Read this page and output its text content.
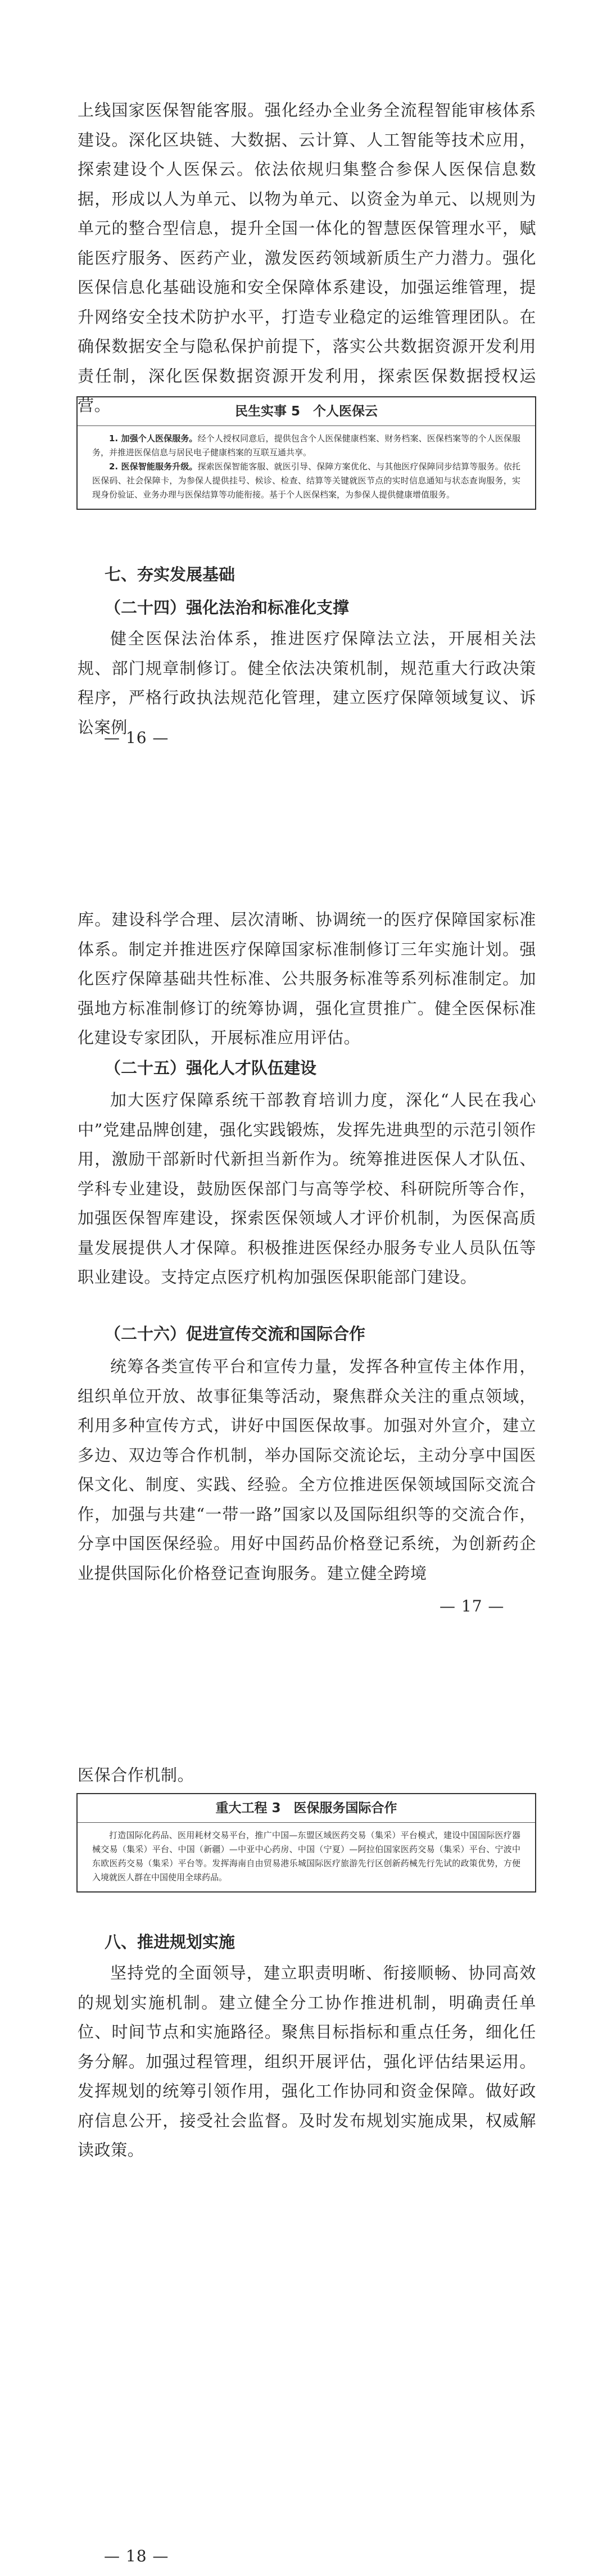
上线国家医保智能客服。强化经办全业务全流程智能审核体系建设。深化区块链、大数据、云计算、人工智能等技术应用，探索建设个人医保云。依法依规归集整合参保人医保信息数据，形成以人为单元、以物为单元、以资金为单元、以规则为单元的整合型信息，提升全国一体化的智慧医保管理水平，赋能医疗服务、医药产业，激发医药领域新质生产力潜力。强化医保信息化基础设施和安全保障体系建设，加强运维管理，提升网络安全技术防护水平，打造专业稳定的运维管理团队。在确保数据安全与隐私保护前提下，落实公共数据资源开发利用责任制，深化医保数据资源开发利用，探索医保数据授权运营。	民生实事 5　个人医保云

1. 加强个人医保服务。经个人授权同意后，提供包含个人医保健康档案、财务档案、医保档案等的个人医保服务，并推进医保信息与居民电子健康档案的互联互通共享。

2. 医保智能服务升级。探索医保智能客服、就医引导、保障方案优化、与其他医疗保障同步结算等服务。依托医保码、社会保障卡，为参保人提供挂号、候诊、检查、结算等关键就医节点的实时信息通知与状态查询服务，实现身份验证、业务办理与医保结算等功能衔接。基于个人医保档案，为参保人提供健康增值服务。

七、夯实发展基础
（二十四）强化法治和标准化支撑

健全医保法治体系，推进医疗保障法立法，开展相关法规、部门规章制修订。健全依法决策机制，规范重大行政决策程序，严格行政执法规范化管理，建立医疗保障领域复议、诉讼案例

— 16 —

库。建设科学合理、层次清晰、协调统一的医疗保障国家标准体系。制定并推进医疗保障国家标准制修订三年实施计划。强化医疗保障基础共性标准、公共服务标准等系列标准制定。加强地方标准制修订的统筹协调，强化宣贯推广。健全医保标准化建设专家团队，开展标准应用评估。

（二十五）强化人才队伍建设

加大医疗保障系统干部教育培训力度，深化“人民在我心中”党建品牌创建，强化实践锻炼，发挥先进典型的示范引领作用，激励干部新时代新担当新作为。统筹推进医保人才队伍、学科专业建设，鼓励医保部门与高等学校、科研院所等合作，加强医保智库建设，探索医保领域人才评价机制，为医保高质量发展提供人才保障。积极推进医保经办服务专业人员队伍等职业建设。支持定点医疗机构加强医保职能部门建设。

（二十六）促进宣传交流和国际合作

统筹各类宣传平台和宣传力量，发挥各种宣传主体作用，组织单位开放、故事征集等活动，聚焦群众关注的重点领域，利用多种宣传方式，讲好中国医保故事。加强对外宣介，建立多边、双边等合作机制，举办国际交流论坛，主动分享中国医保文化、制度、实践、经验。全方位推进医保领域国际交流合作，加强与共建“一带一路”国家以及国际组织等的交流合作，分享中国医保经验。用好中国药品价格登记系统，为创新药企业提供国际化价格登记查询服务。建立健全跨境

— 17 —

医保合作机制。

重大工程 3　医保服务国际合作

打造国际化药品、医用耗材交易平台，推广中国—东盟区域医药交易（集采）平台模式，建设中国国际医疗器械交易（集采）平台、中国（新疆）—中亚中心药房、中国（宁夏）—阿拉伯国家医药交易（集采）平台、宁波中东欧医药交易（集采）平台等。发挥海南自由贸易港乐城国际医疗旅游先行区创新药械先行先试的政策优势，方便入境就医人群在中国使用全球药品。

八、推进规划实施

坚持党的全面领导，建立职责明晰、衔接顺畅、协同高效的规划实施机制。建立健全分工协作推进机制，明确责任单位、时间节点和实施路径。聚焦目标指标和重点任务，细化任务分解。加强过程管理，组织开展评估，强化评估结果运用。发挥规划的统筹引领作用，强化工作协同和资金保障。做好政府信息公开，接受社会监督。及时发布规划实施成果，权威解读政策。

— 18 —
